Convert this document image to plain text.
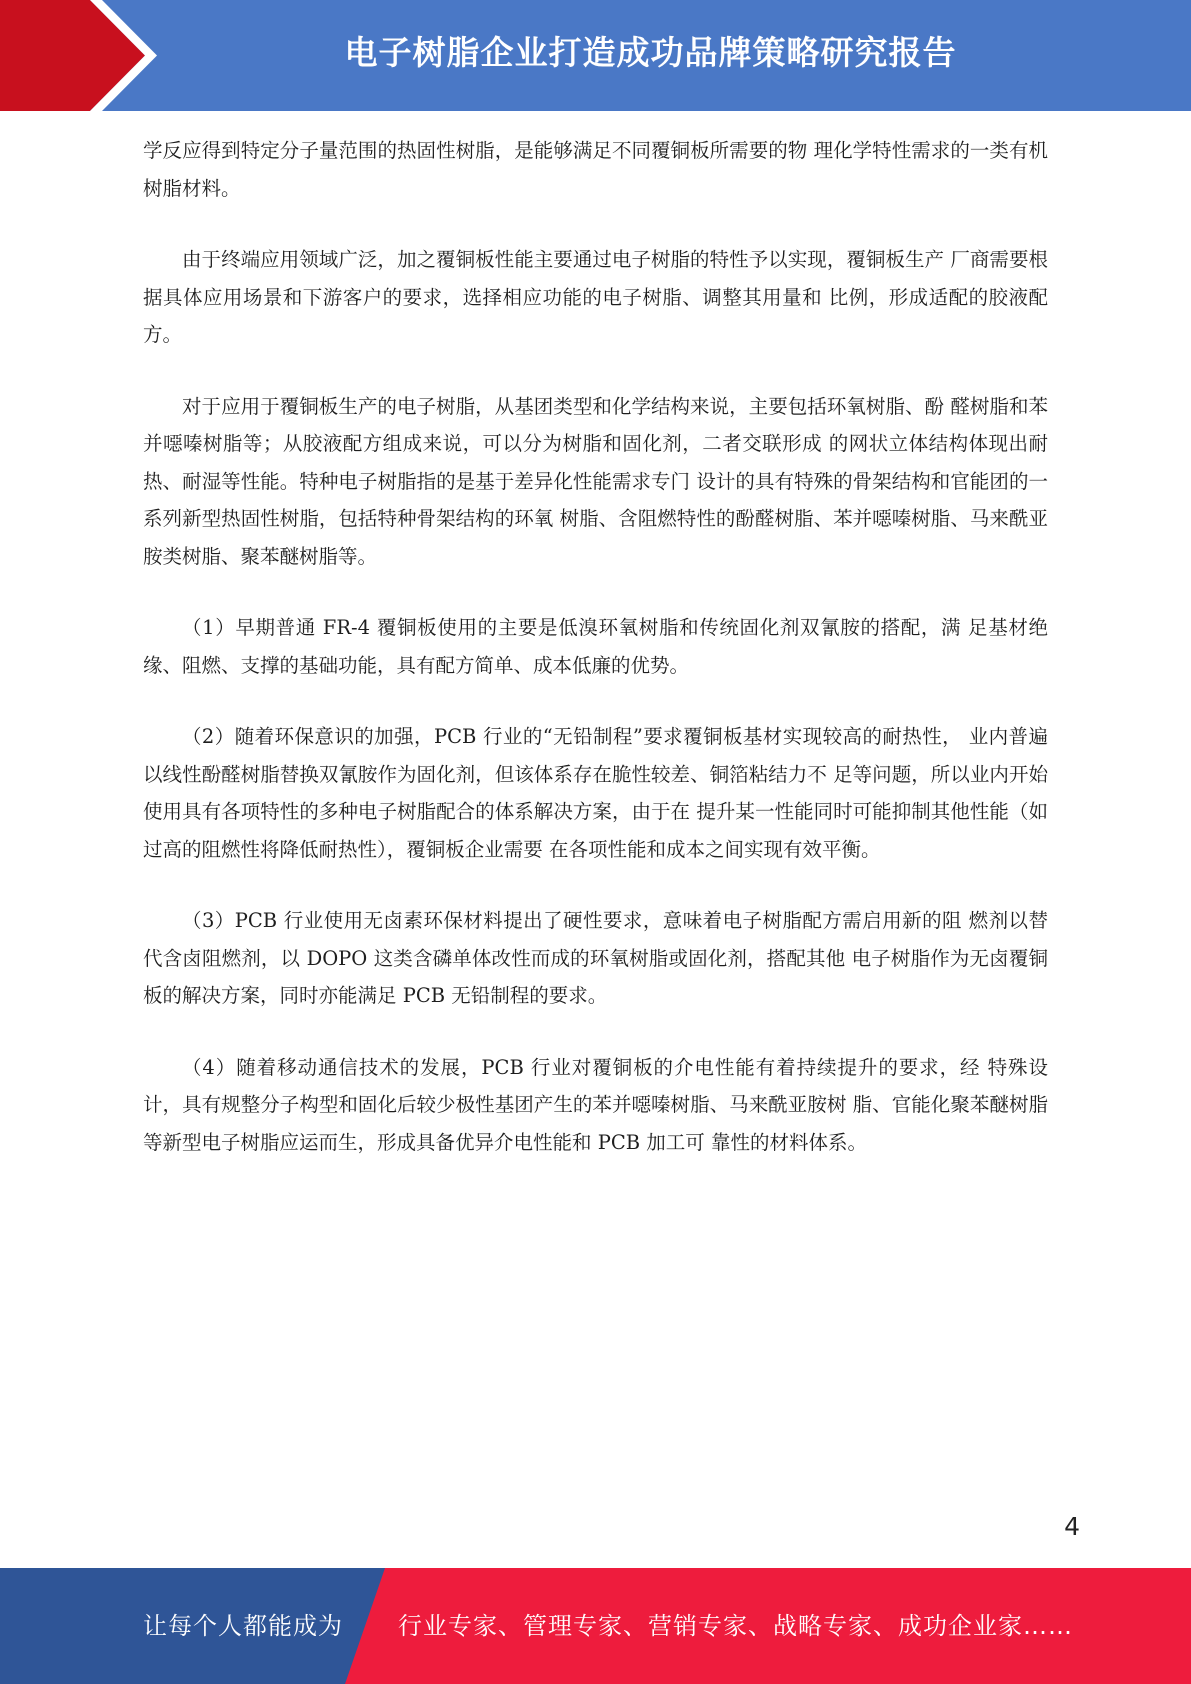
电子树脂企业打造成功品牌策略研究报告

学反应得到特定分子量范围的热固性树脂，是能够满足不同覆铜板所需要的物 理化学特性需求的一类有机树脂材料。

由于终端应用领域广泛，加之覆铜板性能主要通过电子树脂的特性予以实现，覆铜板生产 厂商需要根据具体应用场景和下游客户的要求，选择相应功能的电子树脂、调整其用量和 比例，形成适配的胶液配方。

对于应用于覆铜板生产的电子树脂，从基团类型和化学结构来说，主要包括环氧树脂、酚 醛树脂和苯并噁嗪树脂等；从胶液配方组成来说，可以分为树脂和固化剂，二者交联形成 的网状立体结构体现出耐热、耐湿等性能。特种电子树脂指的是基于差异化性能需求专门 设计的具有特殊的骨架结构和官能团的一系列新型热固性树脂，包括特种骨架结构的环氧 树脂、含阻燃特性的酚醛树脂、苯并噁嗪树脂、马来酰亚胺类树脂、聚苯醚树脂等。

（1）早期普通 FR-4 覆铜板使用的主要是低溴环氧树脂和传统固化剂双氰胺的搭配，满 足基材绝缘、阻燃、支撑的基础功能，具有配方简单、成本低廉的优势。

（2）随着环保意识的加强，PCB 行业的“无铅制程”要求覆铜板基材实现较高的耐热性， 业内普遍以线性酚醛树脂替换双氰胺作为固化剂，但该体系存在脆性较差、铜箔粘结力不 足等问题，所以业内开始使用具有各项特性的多种电子树脂配合的体系解决方案，由于在 提升某一性能同时可能抑制其他性能（如过高的阻燃性将降低耐热性），覆铜板企业需要 在各项性能和成本之间实现有效平衡。

（3）PCB 行业使用无卤素环保材料提出了硬性要求，意味着电子树脂配方需启用新的阻 燃剂以替代含卤阻燃剂，以 DOPO 这类含磷单体改性而成的环氧树脂或固化剂，搭配其他 电子树脂作为无卤覆铜板的解决方案，同时亦能满足 PCB 无铅制程的要求。

（4）随着移动通信技术的发展，PCB 行业对覆铜板的介电性能有着持续提升的要求，经 特殊设计，具有规整分子构型和固化后较少极性基团产生的苯并噁嗪树脂、马来酰亚胺树 脂、官能化聚苯醚树脂等新型电子树脂应运而生，形成具备优异介电性能和 PCB 加工可 靠性的材料体系。

4
让每个人都能成为 行业专家、管理专家、营销专家、战略专家、成功企业家……
